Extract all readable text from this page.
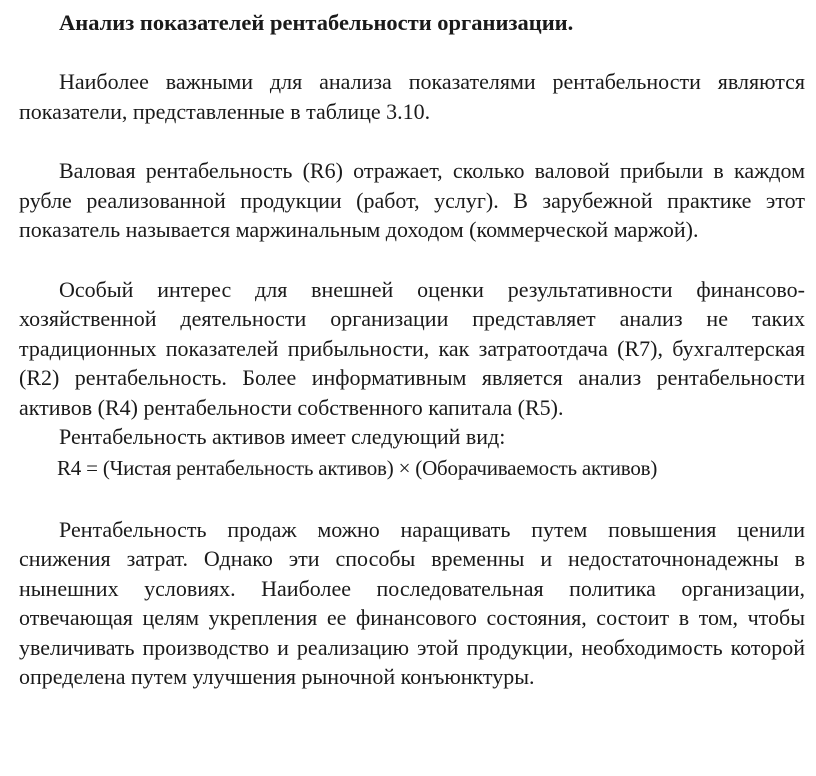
Анализ показателей рентабельности организации.

Наиболее важными для анализа показателями рентабельности являются показатели, представленные в таблице 3.10.

Валовая рентабельность (R6) отражает, сколько валовой прибыли в каждом рубле реализованной продукции (работ, услуг). В зарубежной практике этот показатель называется маржинальным доходом (коммерческой маржой).

Особый интерес для внешней оценки результативности финансово-хозяйственной деятельности организации представляет анализ не таких традиционных показателей прибыльности, как затратоотдача (R7), бухгалтерская (R2) рентабельность. Более информативным является анализ рентабельности активов (R4) рентабельности собственного капитала (R5).

Рентабельность активов имеет следующий вид:
R4 = (Чистая рентабельность активов) × (Оборачиваемость активов)

Рентабельность продаж можно наращивать путем повышения ценили снижения затрат. Однако эти способы временны и недостаточнонадежны в нынешних условиях. Наиболее последовательная политика организации, отвечающая целям укрепления ее финансового состояния, состоит в том, чтобы увеличивать производство и реализацию этой продукции, необходимость которой определена путем улучшения рыночной конъюнктуры.
